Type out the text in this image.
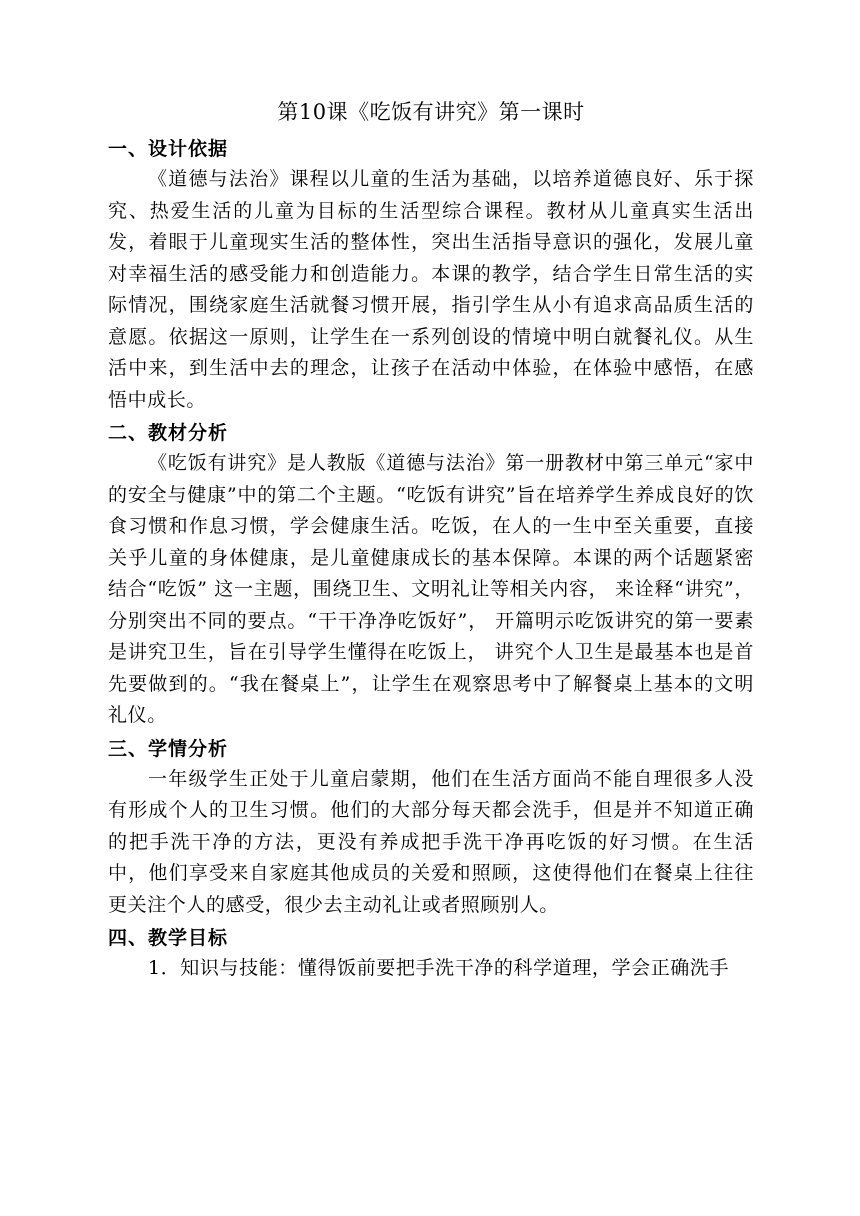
第10课《吃饭有讲究》第一课时
一、设计依据

《道德与法治》课程以儿童的生活为基础，以培养道德良好、乐于探究、热爱生活的儿童为目标的生活型综合课程。教材从儿童真实生活出发，着眼于儿童现实生活的整体性，突出生活指导意识的强化，发展儿童对幸福生活的感受能力和创造能力。本课的教学，结合学生日常生活的实际情况，围绕家庭生活就餐习惯开展，指引学生从小有追求高品质生活的意愿。依据这一原则，让学生在一系列创设的情境中明白就餐礼仪。从生活中来，到生活中去的理念，让孩子在活动中体验，在体验中感悟，在感悟中成长。

二、教材分析

《吃饭有讲究》是人教版《道德与法治》第一册教材中第三单元“家中的安全与健康”中的第二个主题。“吃饭有讲究”旨在培养学生养成良好的饮食习惯和作息习惯，学会健康生活。吃饭，在人的一生中至关重要，直接关乎儿童的身体健康，是儿童健康成长的基本保障。本课的两个话题紧密结合“吃饭” 这一主题，围绕卫生、文明礼让等相关内容， 来诠释“讲究”， 分别突出不同的要点。“干干净净吃饭好”， 开篇明示吃饭讲究的第一要素是讲究卫生，旨在引导学生懂得在吃饭上， 讲究个人卫生是最基本也是首先要做到的。“我在餐桌上”，让学生在观察思考中了解餐桌上基本的文明礼仪。

三、学情分析

一年级学生正处于儿童启蒙期，他们在生活方面尚不能自理很多人没有形成个人的卫生习惯。他们的大部分每天都会洗手，但是并不知道正确的把手洗干净的方法，更没有养成把手洗干净再吃饭的好习惯。在生活中，他们享受来自家庭其他成员的关爱和照顾，这使得他们在餐桌上往往更关注个人的感受，很少去主动礼让或者照顾别人。

四、教学目标

1．知识与技能：懂得饭前要把手洗干净的科学道理，学会正确洗手
